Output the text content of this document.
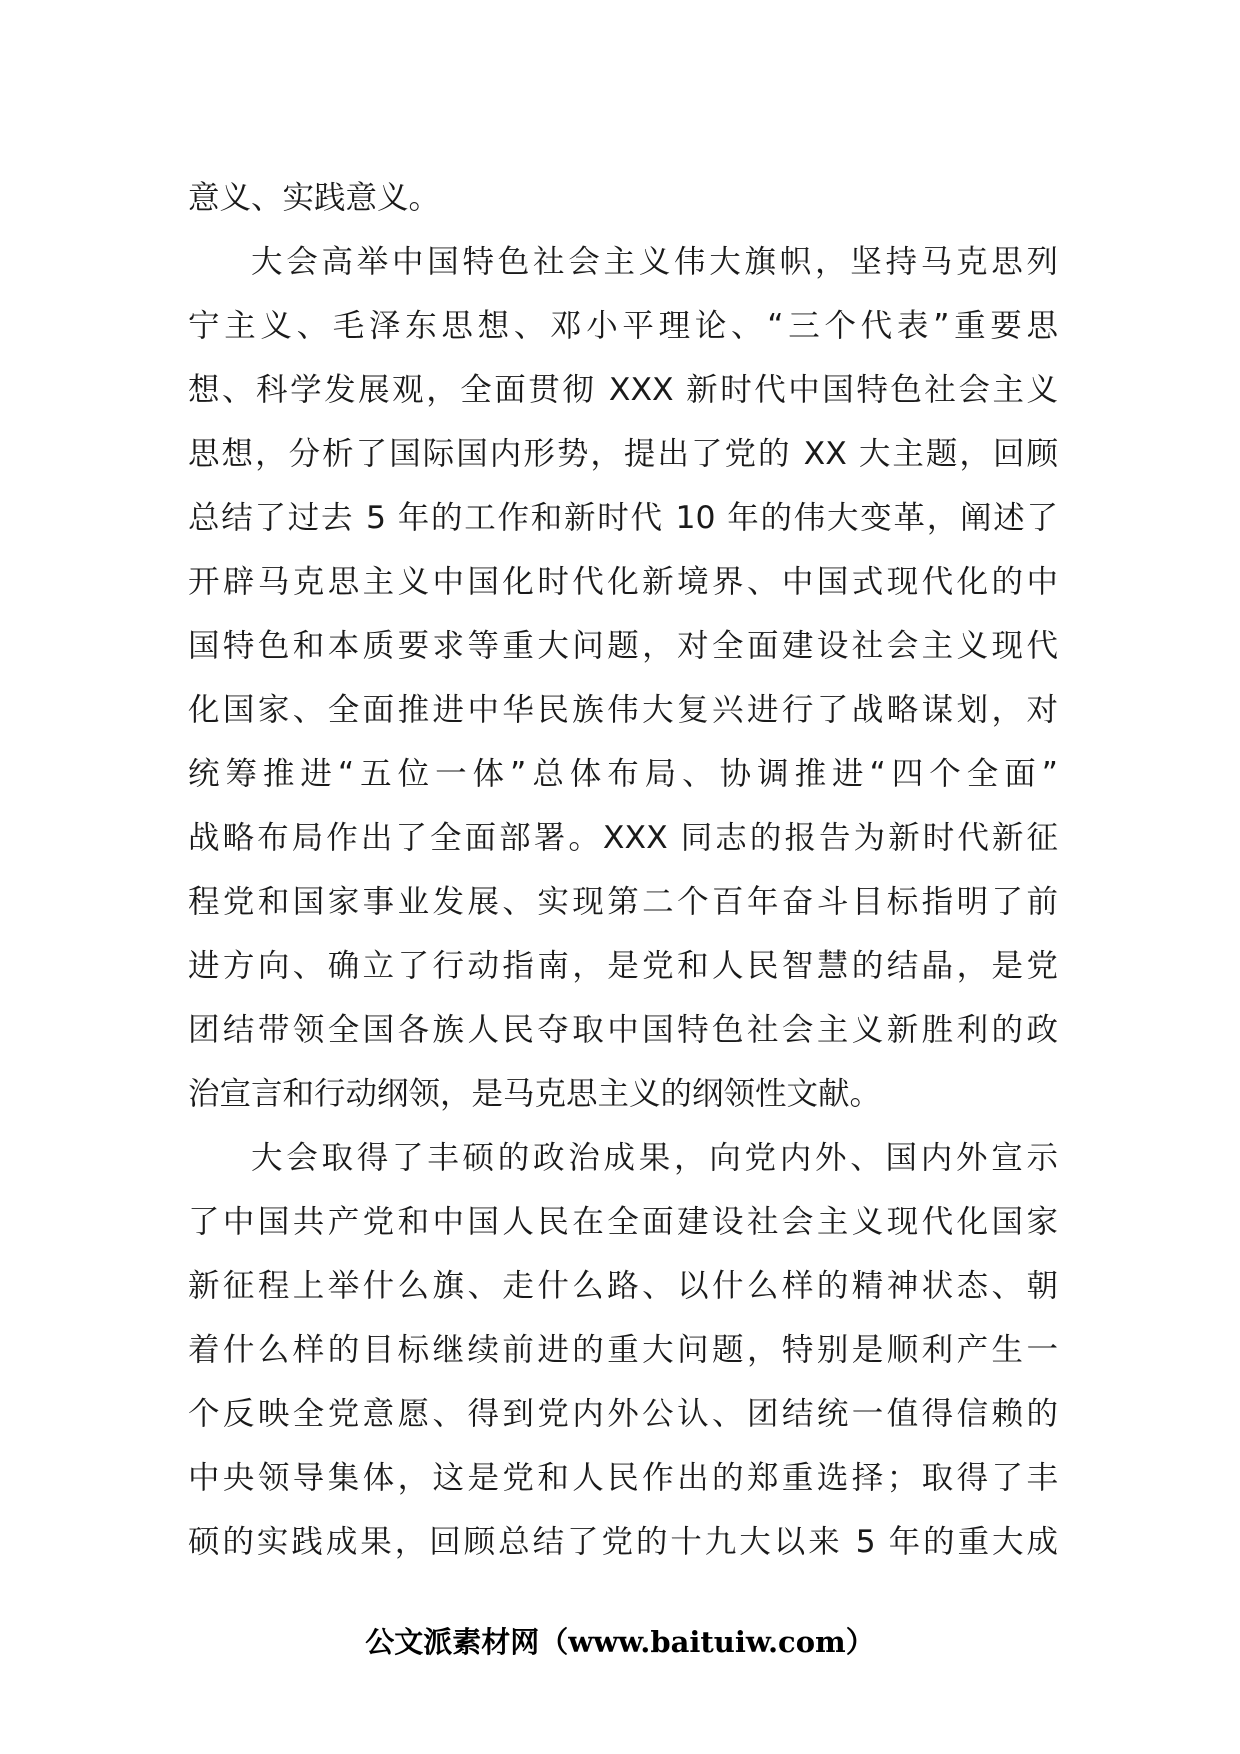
意义、实践意义。
大会高举中国特色社会主义伟大旗帜，坚持马克思列
宁主义、毛泽东思想、邓小平理论、“三个代表”重要思
想、科学发展观，全面贯彻 XXX 新时代中国特色社会主义
思想，分析了国际国内形势，提出了党的 XX 大主题，回顾
总结了过去 5 年的工作和新时代 10 年的伟大变革，阐述了
开辟马克思主义中国化时代化新境界、中国式现代化的中
国特色和本质要求等重大问题，对全面建设社会主义现代
化国家、全面推进中华民族伟大复兴进行了战略谋划，对
统筹推进“五位一体”总体布局、协调推进“四个全面”
战略布局作出了全面部署。XXX 同志的报告为新时代新征
程党和国家事业发展、实现第二个百年奋斗目标指明了前
进方向、确立了行动指南，是党和人民智慧的结晶，是党
团结带领全国各族人民夺取中国特色社会主义新胜利的政
治宣言和行动纲领，是马克思主义的纲领性文献。
大会取得了丰硕的政治成果，向党内外、国内外宣示
了中国共产党和中国人民在全面建设社会主义现代化国家
新征程上举什么旗、走什么路、以什么样的精神状态、朝
着什么样的目标继续前进的重大问题，特别是顺利产生一
个反映全党意愿、得到党内外公认、团结统一值得信赖的
中央领导集体，这是党和人民作出的郑重选择；取得了丰
硕的实践成果，回顾总结了党的十九大以来 5 年的重大成
公文派素材网（www.baituiw.com）
